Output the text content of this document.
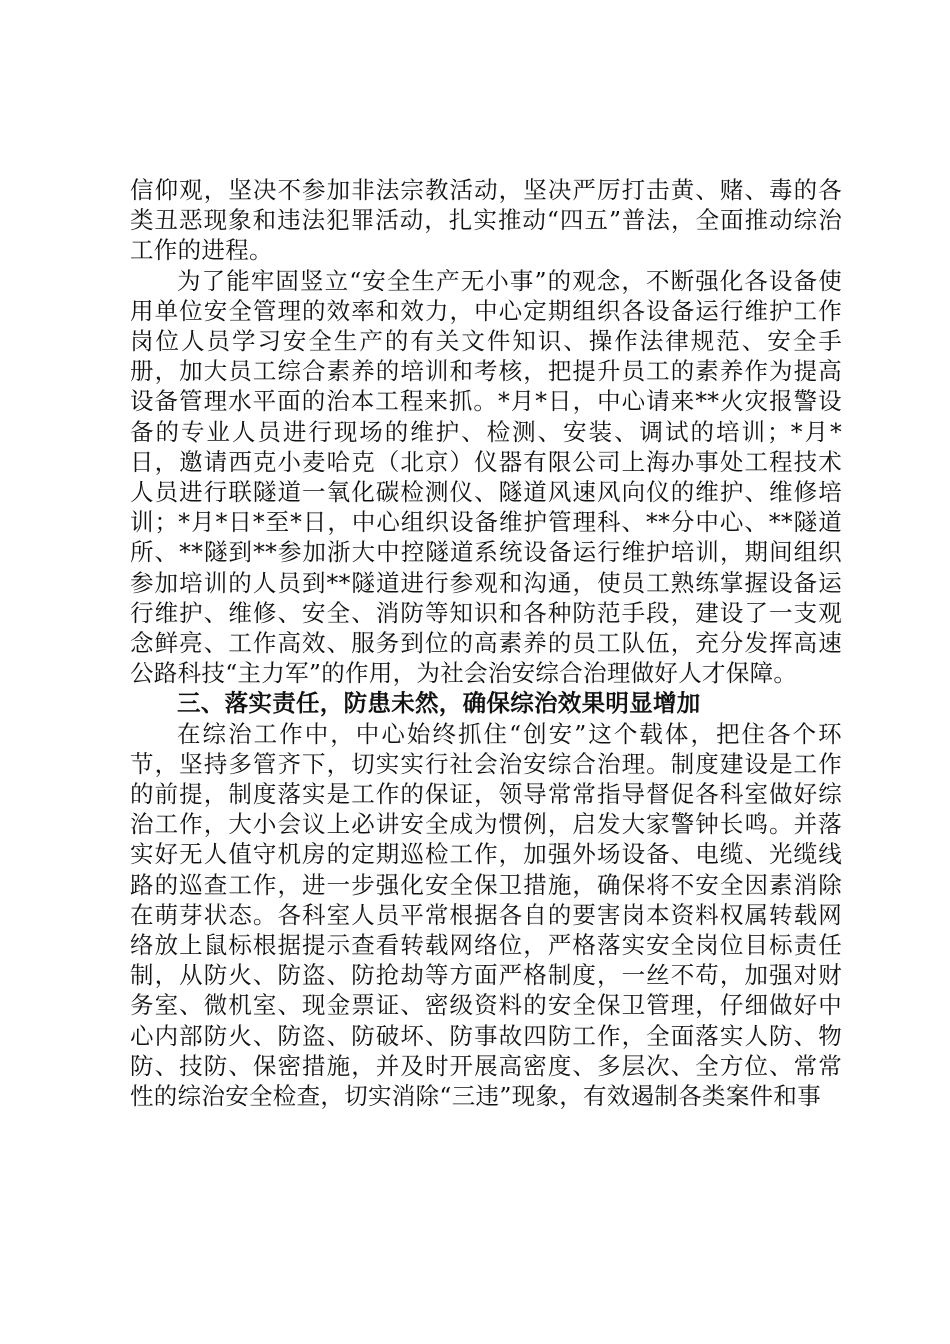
信仰观，坚决不参加非法宗教活动，坚决严厉打击黄、赌、毒的各类丑恶现象和违法犯罪活动，扎实推动“四五”普法，全面推动综治工作的进程。

为了能牢固竖立“安全生产无小事”的观念，不断强化各设备使用单位安全管理的效率和效力，中心定期组织各设备运行维护工作岗位人员学习安全生产的有关文件知识、操作法律规范、安全手册，加大员工综合素养的培训和考核，把提升员工的素养作为提高设备管理水平面的治本工程来抓。*月*日，中心请来**火灾报警设备的专业人员进行现场的维护、检测、安装、调试的培训；*月*日，邀请西克小麦哈克（北京）仪器有限公司上海办事处工程技术人员进行联隧道一氧化碳检测仪、隧道风速风向仪的维护、维修培训；*月*日*至*日，中心组织设备维护管理科、**分中心、**隧道所、**隧到**参加浙大中控隧道系统设备运行维护培训，期间组织参加培训的人员到**隧道进行参观和沟通，使员工熟练掌握设备运行维护、维修、安全、消防等知识和各种防范手段，建设了一支观念鲜亮、工作高效、服务到位的高素养的员工队伍，充分发挥高速公路科技“主力军”的作用，为社会治安综合治理做好人才保障。

三、落实责任，防患未然，确保综治效果明显增加

在综治工作中，中心始终抓住“创安”这个载体，把住各个环节，坚持多管齐下，切实实行社会治安综合治理。制度建设是工作的前提，制度落实是工作的保证，领导常常指导督促各科室做好综治工作，大小会议上必讲安全成为惯例，启发大家警钟长鸣。并落实好无人值守机房的定期巡检工作，加强外场设备、电缆、光缆线路的巡查工作，进一步强化安全保卫措施，确保将不安全因素消除在萌芽状态。各科室人员平常根据各自的要害岗本资料权属转载网络放上鼠标根据提示查看转载网络位，严格落实安全岗位目标责任制，从防火、防盗、防抢劫等方面严格制度，一丝不苟，加强对财务室、微机室、现金票证、密级资料的安全保卫管理，仔细做好中心内部防火、防盗、防破坏、防事故四防工作，全面落实人防、物防、技防、保密措施，并及时开展高密度、多层次、全方位、常常性的综治安全检查，切实消除“三违”现象，有效遏制各类案件和事
